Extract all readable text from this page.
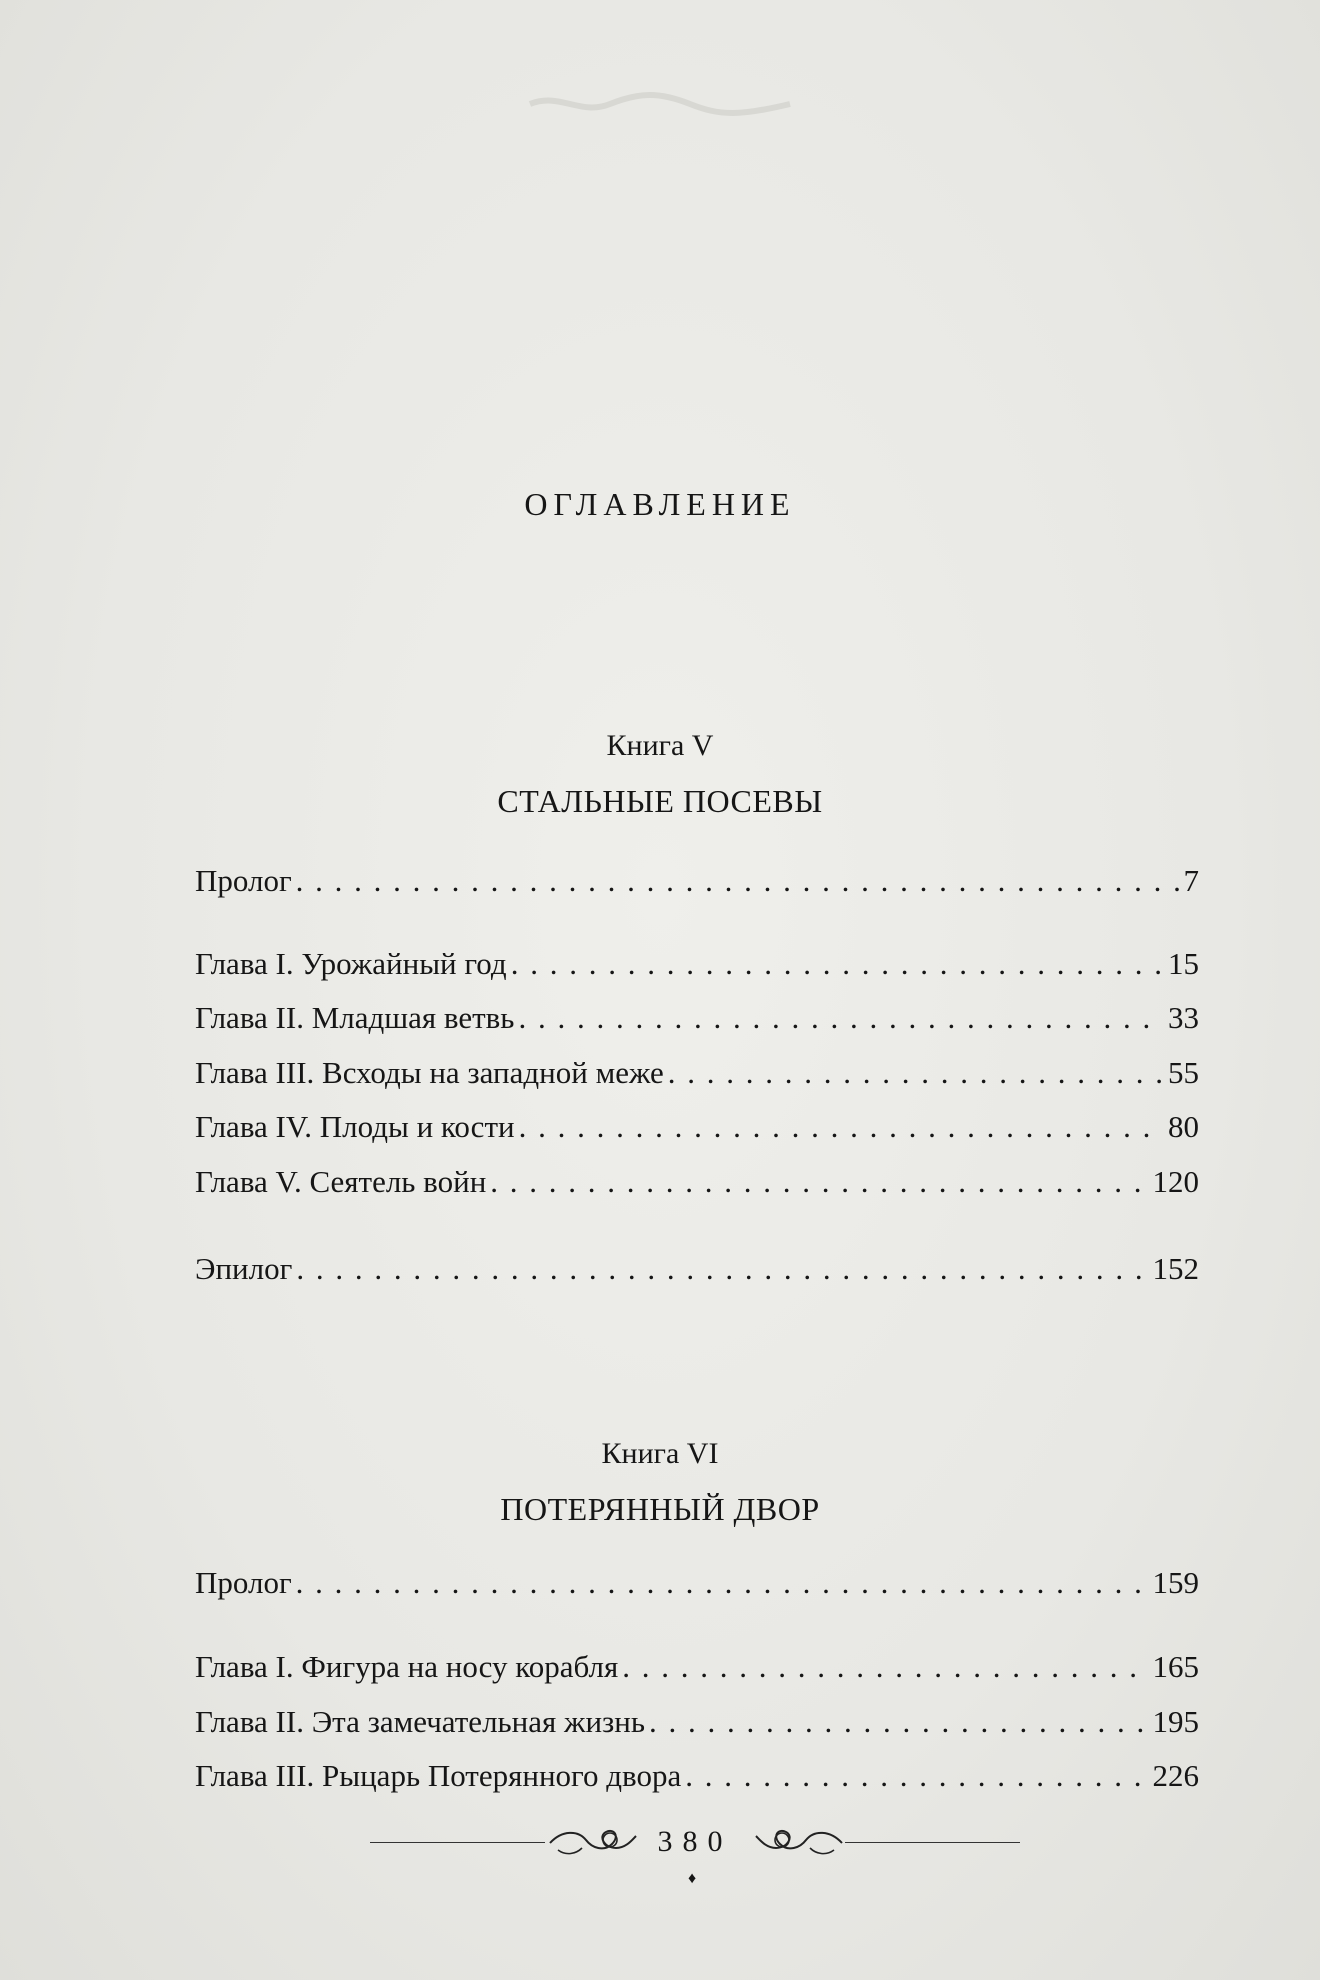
ОГЛАВЛЕНИЕ
Книга V
СТАЛЬНЫЕ ПОСЕВЫ
Пролог . . .	7
Глава I. Урожайный год . . .	15
Глава II. Младшая ветвь . . .	33
Глава III. Всходы на западной меже . . .	55
Глава IV. Плоды и кости . . .	80
Глава V. Сеятель войн . . .	120
Эпилог . . .	152
Книга VI
ПОТЕРЯННЫЙ ДВОР
Пролог . . .	159
Глава I. Фигура на носу корабля . . .	165
Глава II. Эта замечательная жизнь . . .	195
Глава III. Рыцарь Потерянного двора . . .	226
380
♦
